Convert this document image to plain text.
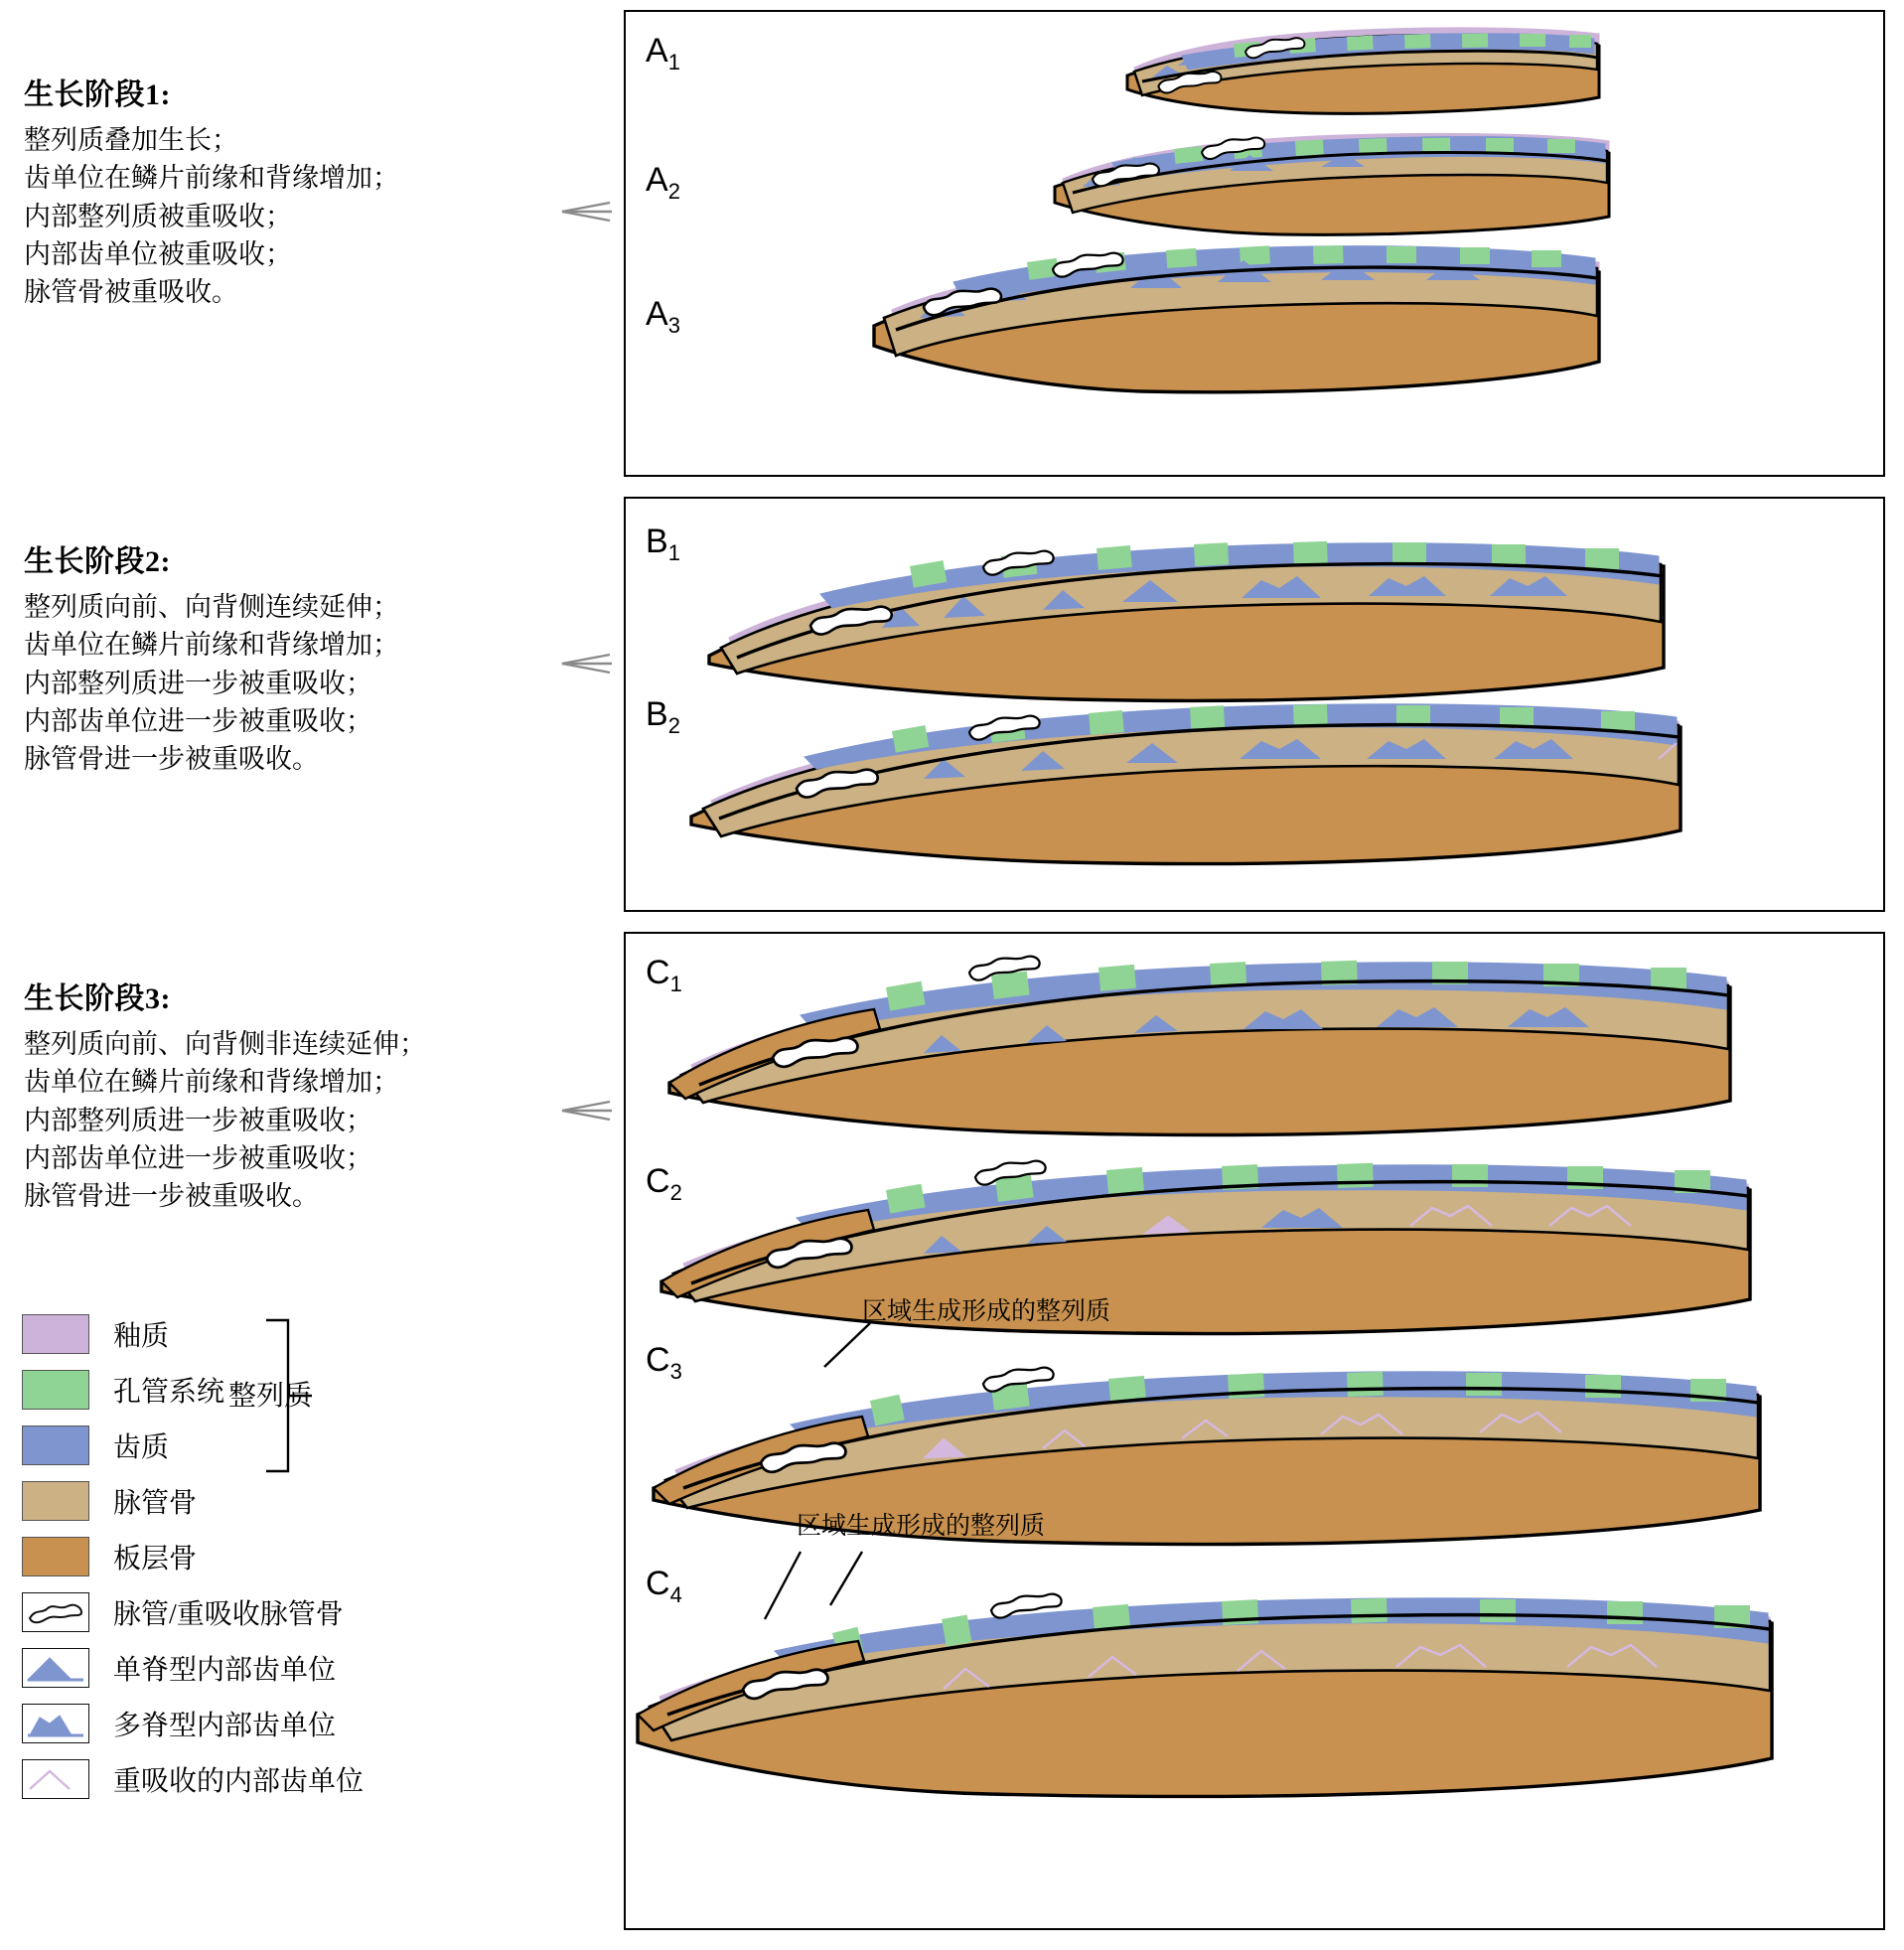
生长阶段1:
整列质叠加生长；
齿单位在鳞片前缘和背缘增加；
内部整列质被重吸收；
内部齿单位被重吸收；
脉管骨被重吸收。
生长阶段2:
整列质向前、向背侧连续延伸；
齿单位在鳞片前缘和背缘增加；
内部整列质进一步被重吸收；
内部齿单位进一步被重吸收；
脉管骨进一步被重吸收。
生长阶段3:
整列质向前、向背侧非连续延伸；
齿单位在鳞片前缘和背缘增加；
内部整列质进一步被重吸收；
内部齿单位进一步被重吸收；
脉管骨进一步被重吸收。
整列质
釉质
孔管系统
齿质
脉管骨
板层骨
脉管/重吸收脉管骨
单脊型内部齿单位
多脊型内部齿单位
重吸收的内部齿单位
$A_1$
$A_2$
$A_3$
$B_1$
$B_2$
$C_1$
$C_2$
$C_3$
$C_4$
区域生成形成的整列质
区域生成形成的整列质
